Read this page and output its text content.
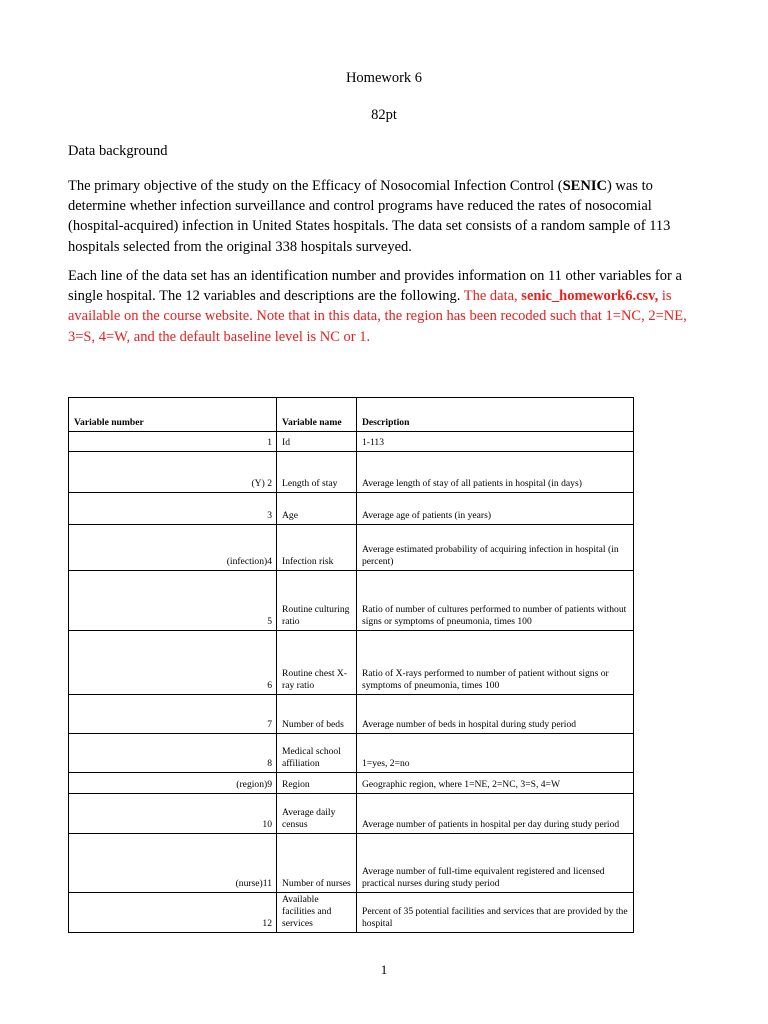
Homework 6
82pt
Data background

The primary objective of the study on the Efficacy of Nosocomial Infection Control (SENIC) was to determine whether infection surveillance and control programs have reduced the rates of nosocomial (hospital-acquired) infection in United States hospitals. The data set consists of a random sample of 113 hospitals selected from the original 338 hospitals surveyed.

Each line of the data set has an identification number and provides information on 11 other variables for a single hospital. The 12 variables and descriptions are the following. The data, senic_homework6.csv, is available on the course website. Note that in this data, the region has been recoded such that 1=NC, 2=NE, 3=S, 4=W, and the default baseline level is NC or 1.

Variable number	Variable name	Description
1	Id	1-113
(Y) 2	Length of stay	Average length of stay of all patients in hospital (in days)
3	Age	Average age of patients (in years)
(infection)4	Infection risk	Average estimated probability of acquiring infection in hospital (in percent)
5	Routine culturing ratio	Ratio of number of cultures performed to number of patients without signs or symptoms of pneumonia, times 100
6	Routine chest X-ray ratio	Ratio of X-rays performed to number of patient without signs or symptoms of pneumonia, times 100
7	Number of beds	Average number of beds in hospital during study period
8	Medical school affiliation	1=yes, 2=no
(region)9	Region	Geographic region, where 1=NE, 2=NC, 3=S, 4=W
10	Average daily census	Average number of patients in hospital per day during study period
(nurse)11	Number of nurses	Average number of full-time equivalent registered and licensed practical nurses during study period
12	Available facilities and services	Percent of 35 potential facilities and services that are provided by the hospital
1
